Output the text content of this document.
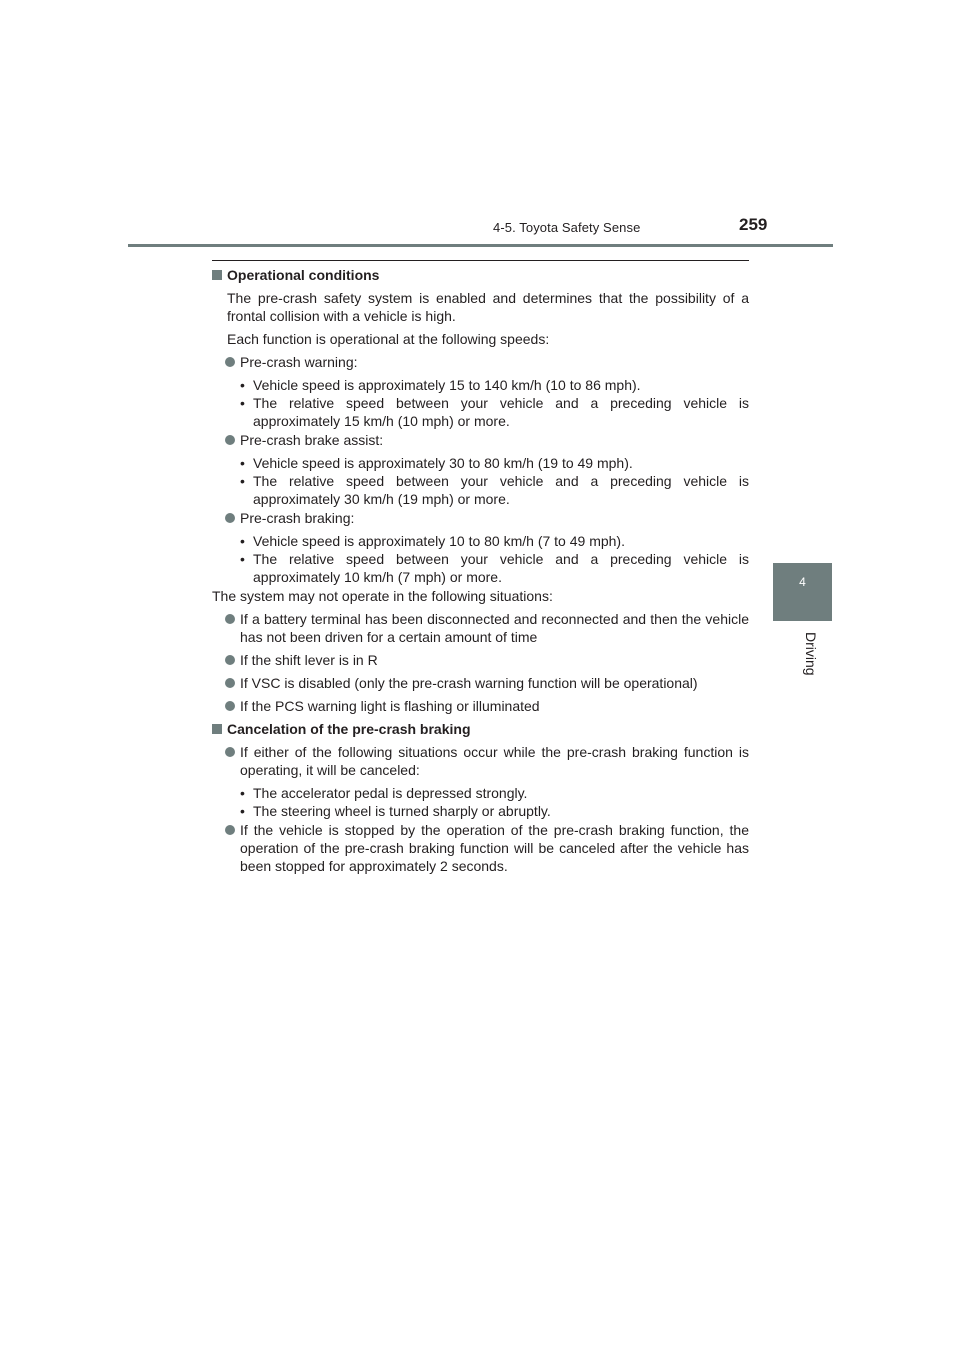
4-5. Toyota Safety Sense	259
4
Driving
Operational conditions
The pre-crash safety system is enabled and determines that the possibility of a frontal collision with a vehicle is high.
Each function is operational at the following speeds:
Pre-crash warning:
• Vehicle speed is approximately 15 to 140 km/h (10 to 86 mph).
• The relative speed between your vehicle and a preceding vehicle is approximately 15 km/h (10 mph) or more.
Pre-crash brake assist:
• Vehicle speed is approximately 30 to 80 km/h (19 to 49 mph).
• The relative speed between your vehicle and a preceding vehicle is approximately 30 km/h (19 mph) or more.
Pre-crash braking:
• Vehicle speed is approximately 10 to 80 km/h (7 to 49 mph).
• The relative speed between your vehicle and a preceding vehicle is approximately 10 km/h (7 mph) or more.
The system may not operate in the following situations:
If a battery terminal has been disconnected and reconnected and then the vehicle has not been driven for a certain amount of time
If the shift lever is in R
If VSC is disabled (only the pre-crash warning function will be operational)
If the PCS warning light is flashing or illuminated
Cancelation of the pre-crash braking
If either of the following situations occur while the pre-crash braking function is operating, it will be canceled:
• The accelerator pedal is depressed strongly.
• The steering wheel is turned sharply or abruptly.
If the vehicle is stopped by the operation of the pre-crash braking function, the operation of the pre-crash braking function will be canceled after the vehicle has been stopped for approximately 2 seconds.
